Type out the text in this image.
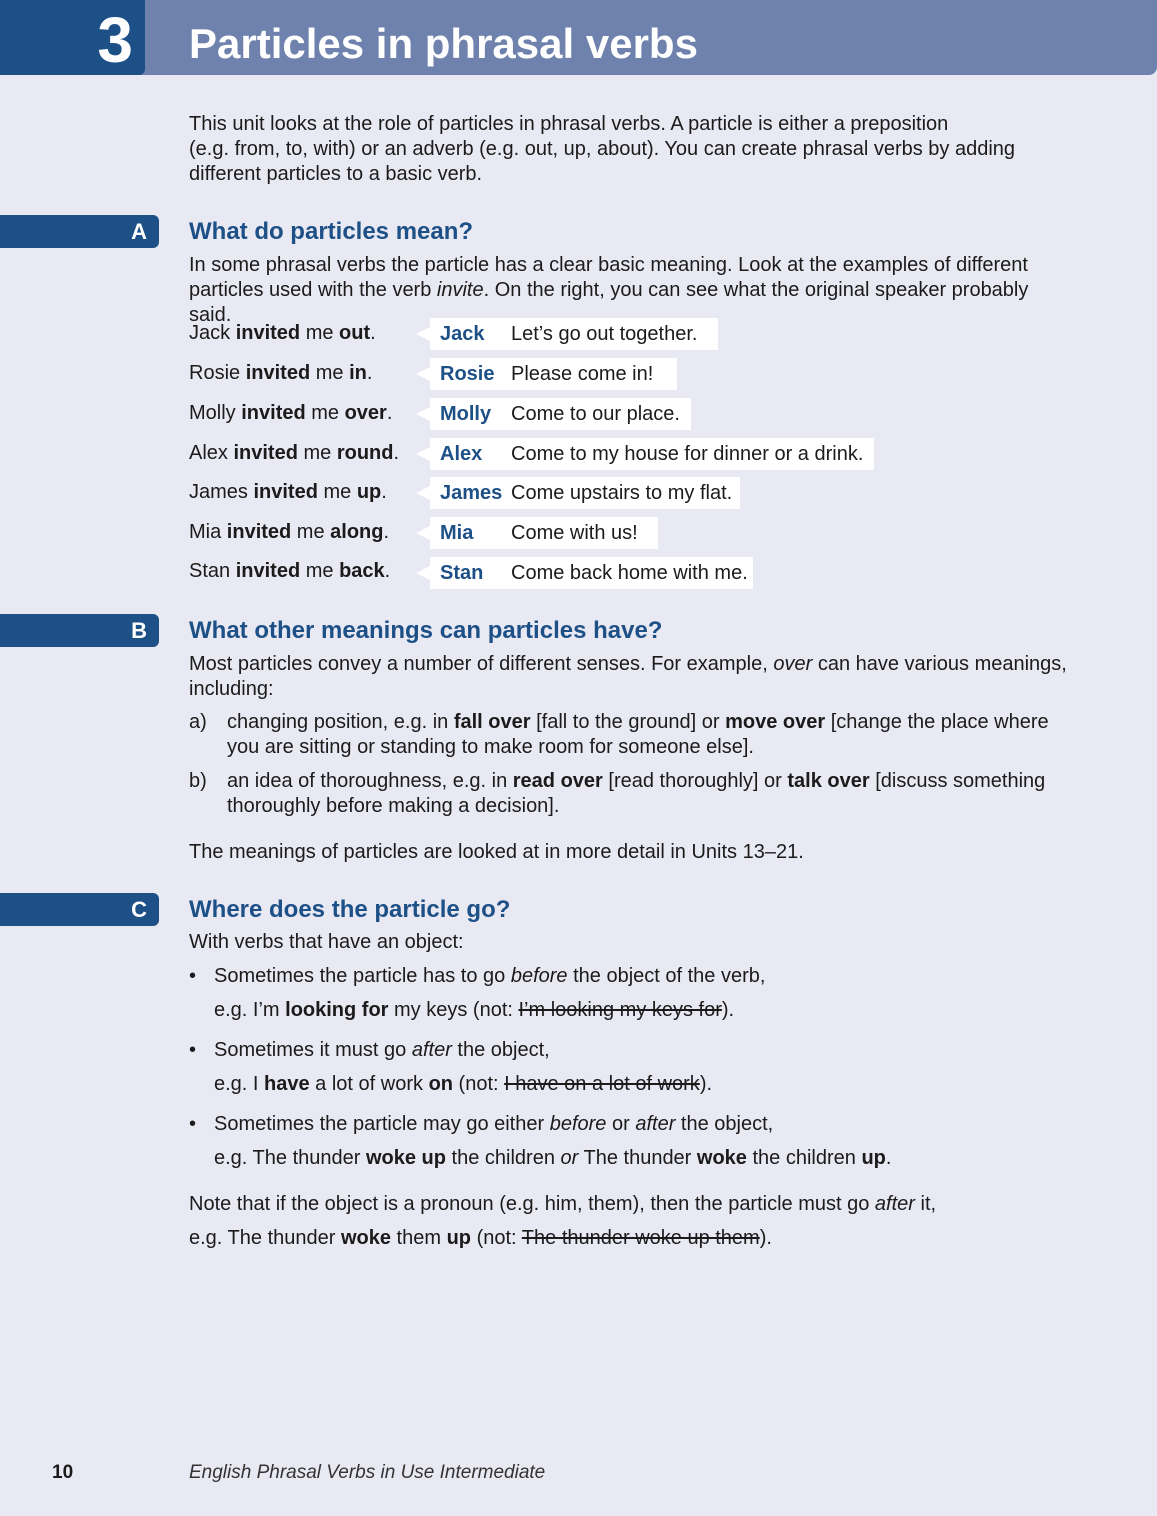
3 Particles in phrasal verbs

This unit looks at the role of particles in phrasal verbs. A particle is either a preposition
(e.g. from, to, with) or an adverb (e.g. out, up, about). You can create phrasal verbs by adding
different particles to a basic verb.

A	What do particles mean?

In some phrasal verbs the particle has a clear basic meaning. Look at the examples of different
particles used with the verb invite. On the right, you can see what the original speaker probably said.

Jack invited me out.	Jack Let’s go out together.
Rosie invited me in.	Rosie Please come in!
Molly invited me over. Molly Come to our place.
Alex invited me round. Alex Come to my house for dinner or a drink.
James invited me up.	James Come upstairs to my flat.
Mia invited me along.	Mia Come with us!
Stan invited me back. Stan Come back home with me.
B	What other meanings can particles have?

Most particles convey a number of different senses. For example, over can have various meanings,
including:

a) changing position, e.g. in fall over [fall to the ground] or move over [change the place where
you are sitting or standing to make room for someone else].

b) an idea of thoroughness, e.g. in read over [read thoroughly] or talk over [discuss something
thoroughly before making a decision].

The meanings of particles are looked at in more detail in Units 13–21.

C	Where does the particle go?

With verbs that have an object:

• Sometimes the particle has to go before the object of the verb,

e.g. I’m looking for my keys (not: I’m looking my keys for).

• Sometimes it must go after the object,

e.g. I have a lot of work on (not: I have on a lot of work).

• Sometimes the particle may go either before or after the object,

e.g. The thunder woke up the children or The thunder woke the children up.

Note that if the object is a pronoun (e.g. him, them), then the particle must go after it,

e.g. The thunder woke them up (not: The thunder woke up them).

10	English Phrasal Verbs in Use Intermediate
